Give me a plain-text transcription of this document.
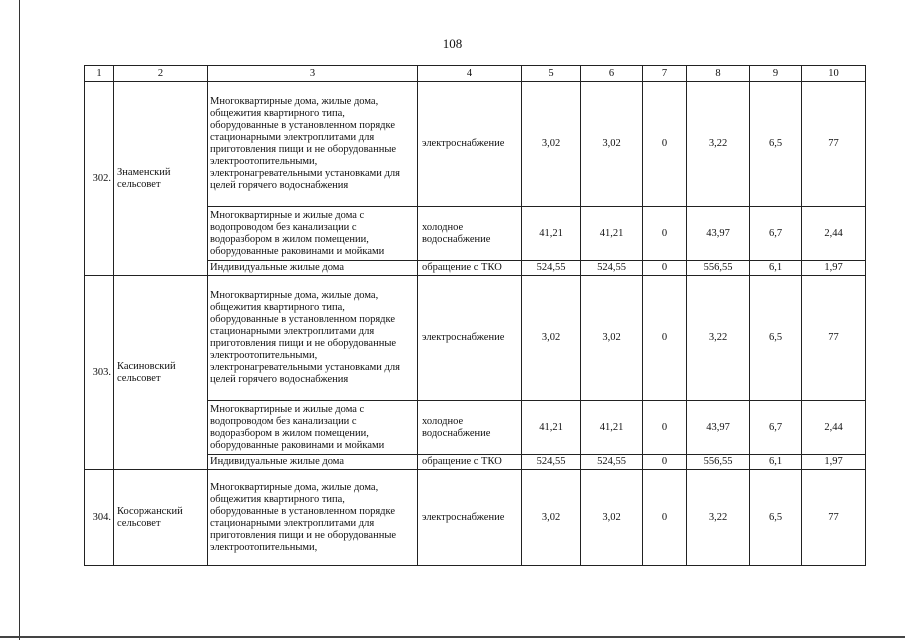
108
1	2	3	4	5	6	7	8	9	10
302.	Знаменский сельсовет	Многоквартирные дома, жилые дома, общежития квартирного типа, оборудованные в установленном порядке стационарными электроплитами для приготовления пищи и не оборудованные электроотопительными, электронагревательными установками для целей горячего водоснабжения	электроснабжение	3,02	3,02	0	3,22	6,5	77
		Многоквартирные и жилые дома с водопроводом без канализации с водоразбором в жилом помещении, оборудованные раковинами и мойками	холодное водоснабжение	41,21	41,21	0	43,97	6,7	2,44
		Индивидуальные жилые дома	обращение с ТКО	524,55	524,55	0	556,55	6,1	1,97
303.	Касиновский сельсовет	Многоквартирные дома, жилые дома, общежития квартирного типа, оборудованные в установленном порядке стационарными электроплитами для приготовления пищи и не оборудованные электроотопительными, электронагревательными установками для целей горячего водоснабжения	электроснабжение	3,02	3,02	0	3,22	6,5	77
		Многоквартирные и жилые дома с водопроводом без канализации с водоразбором в жилом помещении, оборудованные раковинами и мойками	холодное водоснабжение	41,21	41,21	0	43,97	6,7	2,44
		Индивидуальные жилые дома	обращение с ТКО	524,55	524,55	0	556,55	6,1	1,97
304.	Косоржанский сельсовет	Многоквартирные дома, жилые дома, общежития квартирного типа, оборудованные в установленном порядке стационарными электроплитами для приготовления пищи и не оборудованные электроотопительными,	электроснабжение	3,02	3,02	0	3,22	6,5	77
